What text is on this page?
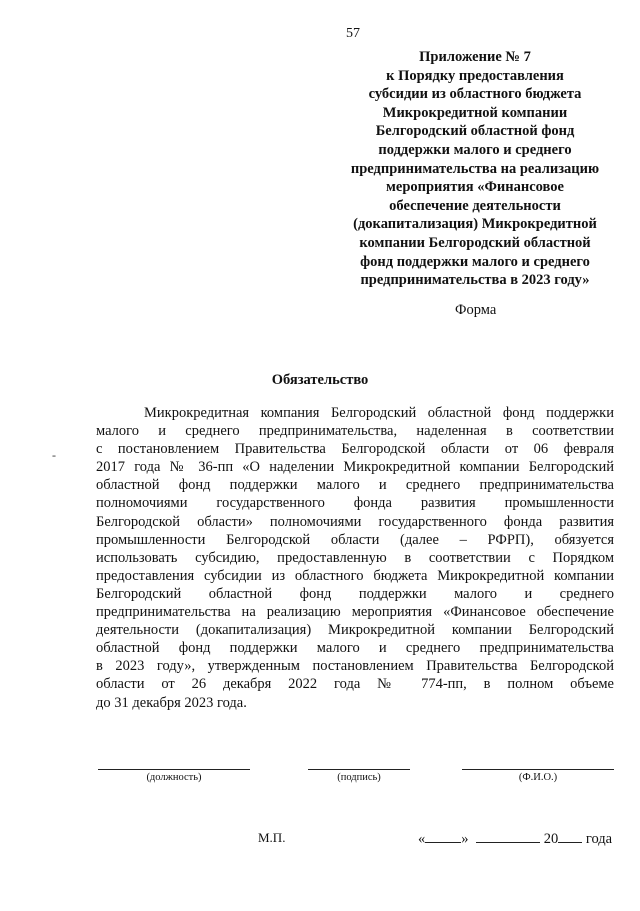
57
Приложение № 7
к Порядку предоставления
субсидии из областного бюджета
Микрокредитной компании
Белгородский областной фонд
поддержки малого и среднего
предпринимательства на реализацию
мероприятия «Финансовое
обеспечение деятельности
(докапитализация) Микрокредитной
компании Белгородский областной
фонд поддержки малого и среднего
предпринимательства в 2023 году»
Форма
Обязательство
-
Микрокредитная компания Белгородский областной фонд поддержки
малого и среднего предпринимательства, наделенная в соответствии
с постановлением Правительства Белгородской области от 06 февраля
2017 года № 36-пп «О наделении Микрокредитной компании Белгородский
областной фонд поддержки малого и среднего предпринимательства
полномочиями государственного фонда развития промышленности
Белгородской области» полномочиями государственного фонда развития
промышленности Белгородской области (далее – РФРП), обязуется
использовать субсидию, предоставленную в соответствии с Порядком
предоставления субсидии из областного бюджета Микрокредитной компании
Белгородский областной фонд поддержки малого и среднего
предпринимательства на реализацию мероприятия «Финансовое обеспечение
деятельности (докапитализация) Микрокредитной компании Белгородский
областной фонд поддержки малого и среднего предпринимательства
в 2023 году», утвержденным постановлением Правительства Белгородской
области от 26 декабря 2022 года № 774-пп, в полном объеме
до 31 декабря 2023 года.
(должность)	(подпись)	(Ф.И.О.)
М.П.	« »	20 года
